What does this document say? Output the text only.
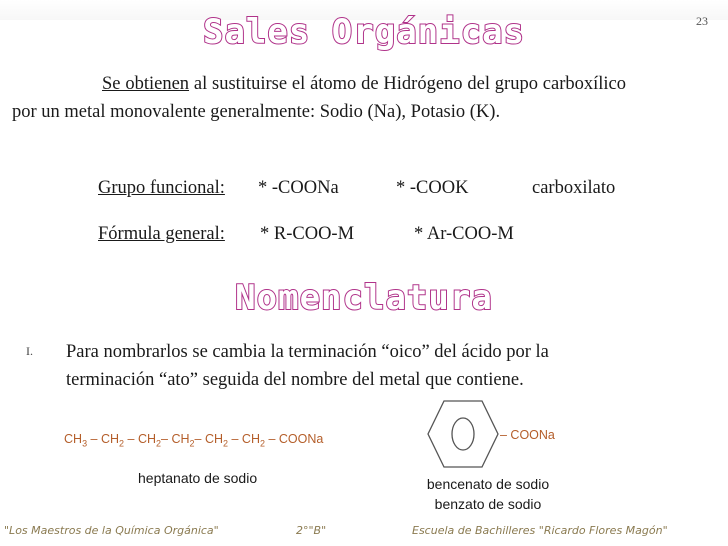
23
Sales Orgánicas
Se obtienen al sustituirse el átomo de Hidrógeno del grupo carboxílico por un metal monovalente generalmente: Sodio (Na), Potasio (K).
Grupo funcional: * -COONa	* -COOK	carboxilato
Fórmula general: * R-COO-M	* Ar-COO-M
Nomenclatura
I. Para nombrarlos se cambia la terminación “oico” del ácido por la terminación “ato” seguida del nombre del metal que contiene.
$CH_3 - CH_2 - CH_2-$ $CH_2-$ $CH_2 - CH_2$ – COONa
heptanato de sodio
– COONa
bencenato de sodio
benzato de sodio
"Los Maestros de la Química Orgánica"	2°"B"	Escuela de Bachilleres "Ricardo Flores Magón"
